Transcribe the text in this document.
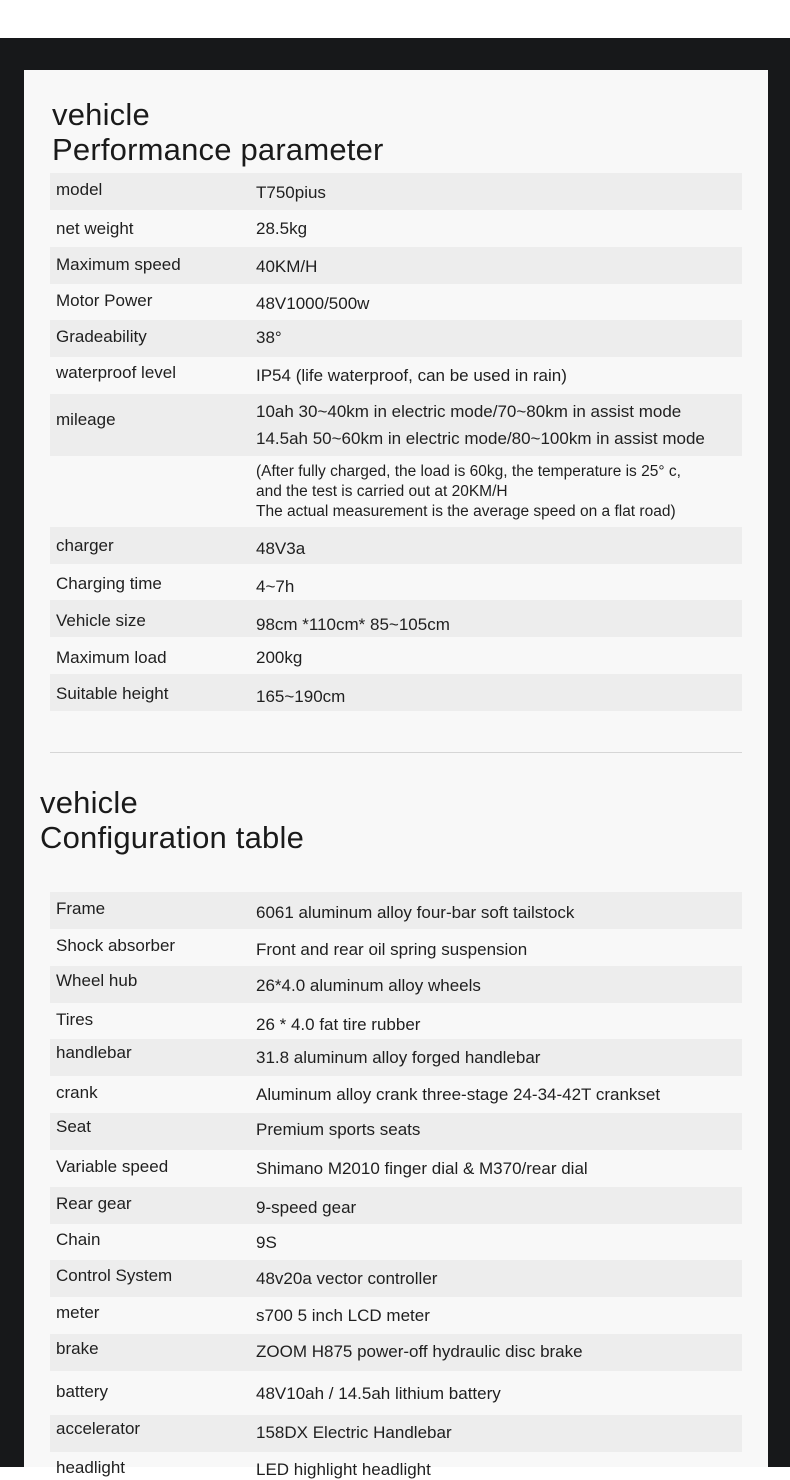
vehicle
Performance parameter
model	T750pius
net weight	28.5kg
Maximum speed	40KM/H
Motor Power	48V1000/500w
Gradeability	38°
waterproof level	IP54 (life waterproof, can be used in rain)
mileage	10ah 30~40km in electric mode/70~80km in assist mode
14.5ah 50~60km in electric mode/80~100km in assist mode
(After fully charged, the load is 60kg, the temperature is 25° c,
and the test is carried out at 20KM/H
The actual measurement is the average speed on a flat road)
charger	48V3a
Charging time	4~7h
Vehicle size	98cm *110cm* 85~105cm
Maximum load	200kg
Suitable height	165~190cm
vehicle
Configuration table
Frame	6061 aluminum alloy four-bar soft tailstock
Shock absorber	Front and rear oil spring suspension
Wheel hub	26*4.0 aluminum alloy wheels
Tires	26 * 4.0 fat tire rubber
handlebar	31.8 aluminum alloy forged handlebar
crank	Aluminum alloy crank three-stage 24-34-42T crankset
Seat	Premium sports seats
Variable speed	Shimano M2010 finger dial & M370/rear dial
Rear gear	9-speed gear
Chain	9S
Control System	48v20a vector controller
meter	s700 5 inch LCD meter
brake	ZOOM H875 power-off hydraulic disc brake
battery	48V10ah / 14.5ah lithium battery
accelerator	158DX Electric Handlebar
headlight	LED highlight headlight
